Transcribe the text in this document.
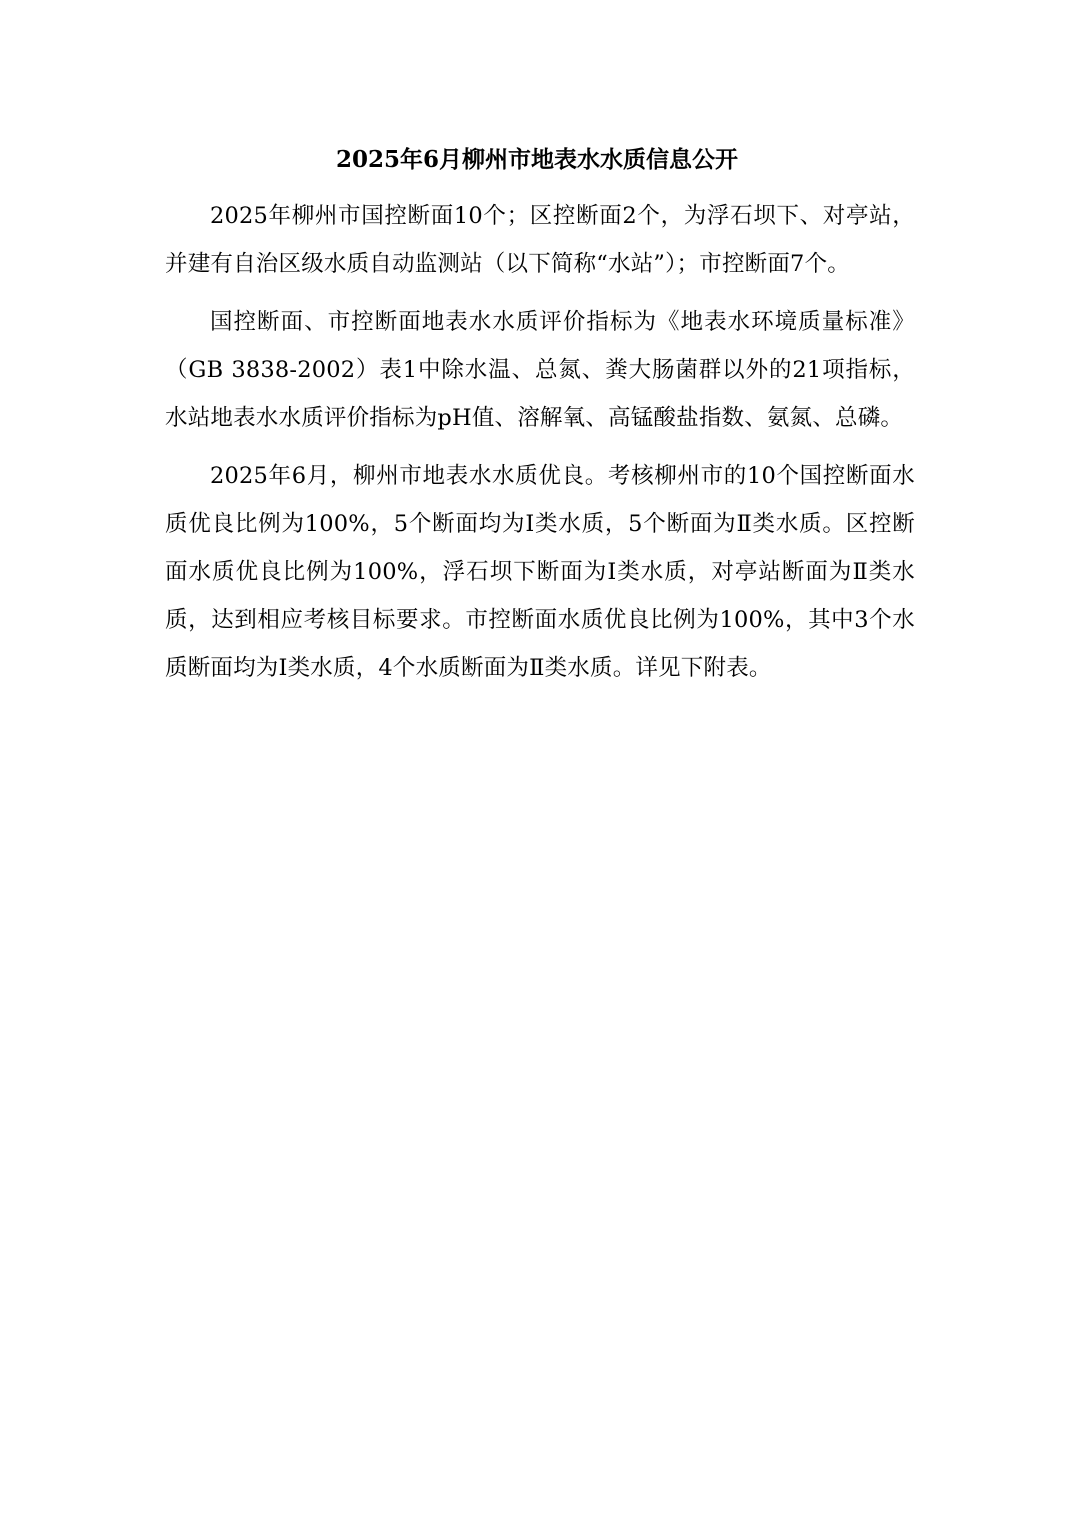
2025年6月柳州市地表水水质信息公开

2025年柳州市国控断面10个；区控断面2个，为浮石坝下、对亭站，并建有自治区级水质自动监测站（以下简称“水站”）；市控断面7个。

国控断面、市控断面地表水水质评价指标为《地表水环境质量标准》（GB 3838-2002）表1中除水温、总氮、粪大肠菌群以外的21项指标，水站地表水水质评价指标为pH值、溶解氧、高锰酸盐指数、氨氮、总磷。

2025年6月，柳州市地表水水质优良。考核柳州市的10个国控断面水质优良比例为100%，5个断面均为Ⅰ类水质，5个断面为Ⅱ类水质。区控断面水质优良比例为100%，浮石坝下断面为Ⅰ类水质，对亭站断面为Ⅱ类水质，达到相应考核目标要求。市控断面水质优良比例为100%，其中3个水质断面均为Ⅰ类水质，4个水质断面为Ⅱ类水质。详见下附表。
